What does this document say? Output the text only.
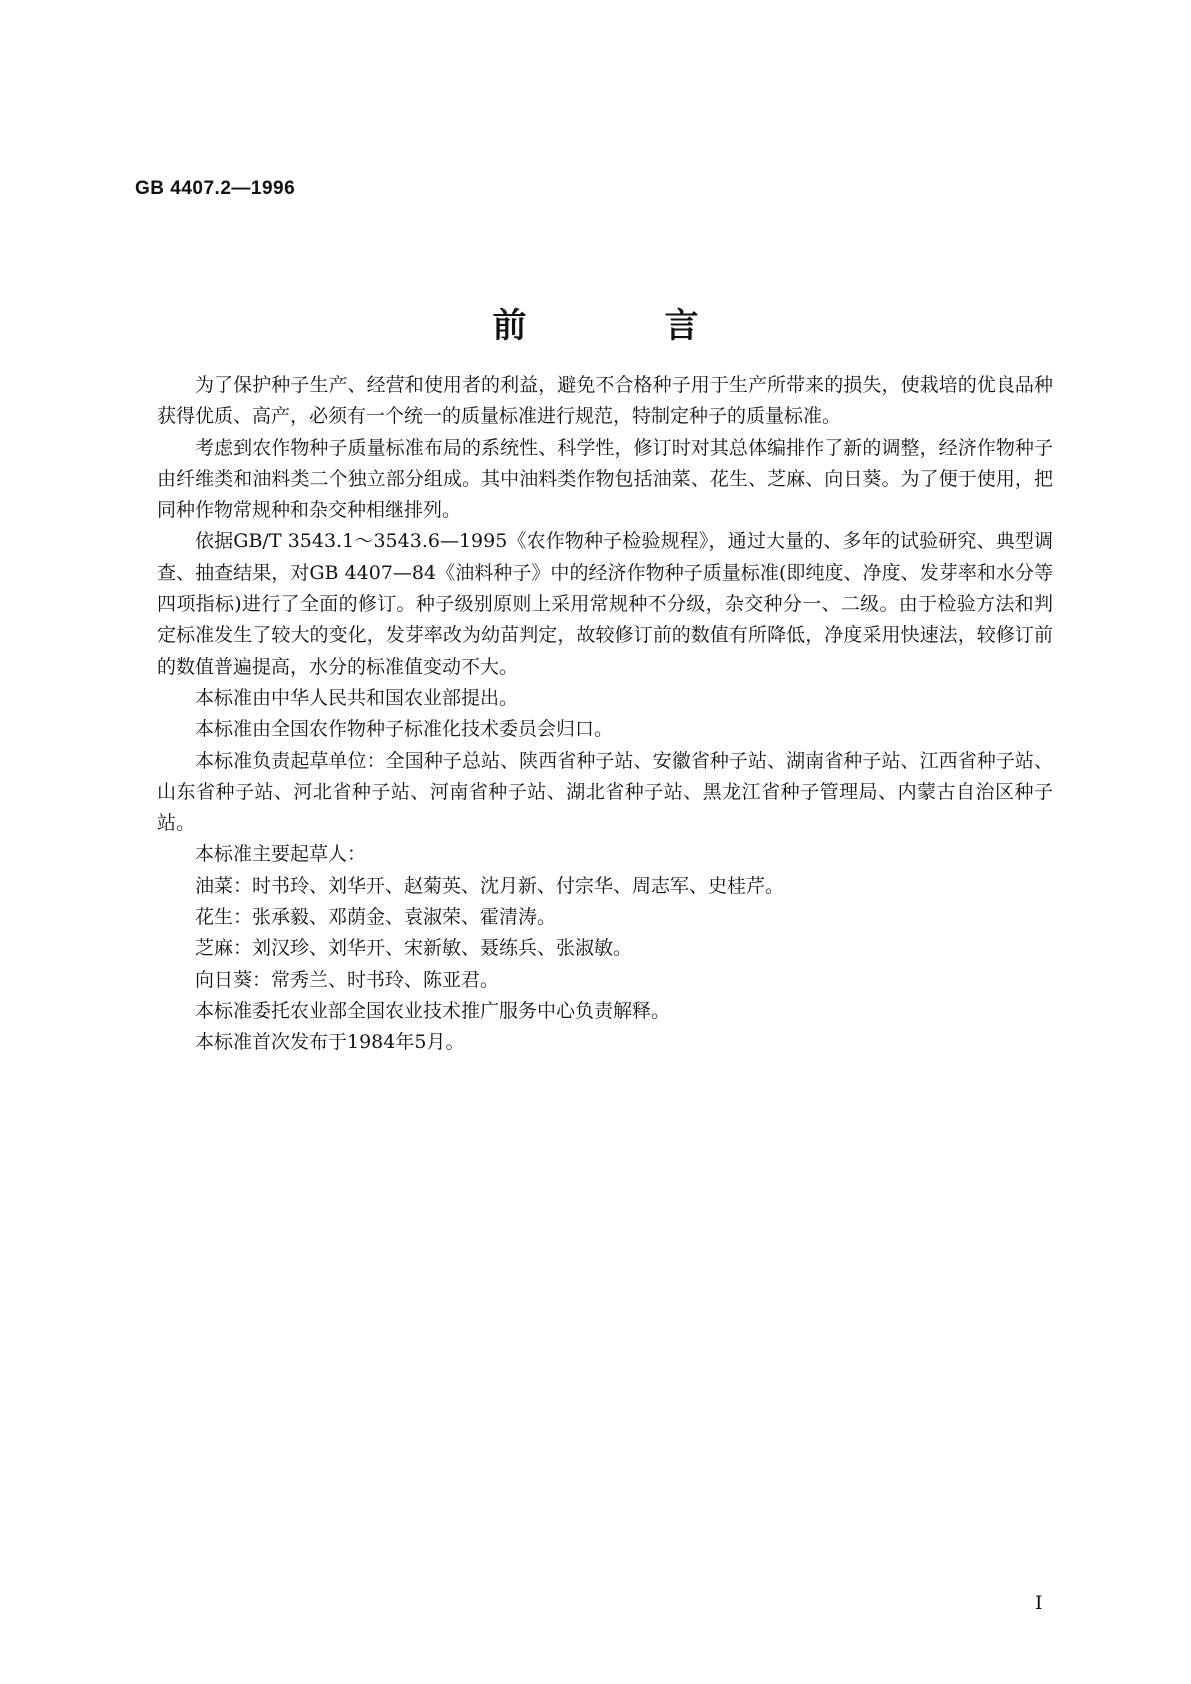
GB 4407.2—1996
前　言

为了保护种子生产、经营和使用者的利益，避免不合格种子用于生产所带来的损失，使栽培的优良品种获得优质、高产，必须有一个统一的质量标准进行规范，特制定种子的质量标准。

考虑到农作物种子质量标准布局的系统性、科学性，修订时对其总体编排作了新的调整，经济作物种子由纤维类和油料类二个独立部分组成。其中油料类作物包括油菜、花生、芝麻、向日葵。为了便于使用，把同种作物常规种和杂交种相继排列。

依据GB/T 3543.1～3543.6—1995《农作物种子检验规程》，通过大量的、多年的试验研究、典型调查、抽查结果，对GB 4407—84《油料种子》中的经济作物种子质量标准(即纯度、净度、发芽率和水分等四项指标)进行了全面的修订。种子级别原则上采用常规种不分级，杂交种分一、二级。由于检验方法和判定标准发生了较大的变化，发芽率改为幼苗判定，故较修订前的数值有所降低，净度采用快速法，较修订前的数值普遍提高，水分的标准值变动不大。

本标准由中华人民共和国农业部提出。

本标准由全国农作物种子标准化技术委员会归口。

本标准负责起草单位：全国种子总站、陕西省种子站、安徽省种子站、湖南省种子站、江西省种子站、山东省种子站、河北省种子站、河南省种子站、湖北省种子站、黑龙江省种子管理局、内蒙古自治区种子站。

本标准主要起草人：

油菜：时书玲、刘华开、赵菊英、沈月新、付宗华、周志军、史桂芹。

花生：张承毅、邓荫金、袁淑荣、霍清涛。

芝麻：刘汉珍、刘华开、宋新敏、聂练兵、张淑敏。

向日葵：常秀兰、时书玲、陈亚君。

本标准委托农业部全国农业技术推广服务中心负责解释。

本标准首次发布于1984年5月。

I
